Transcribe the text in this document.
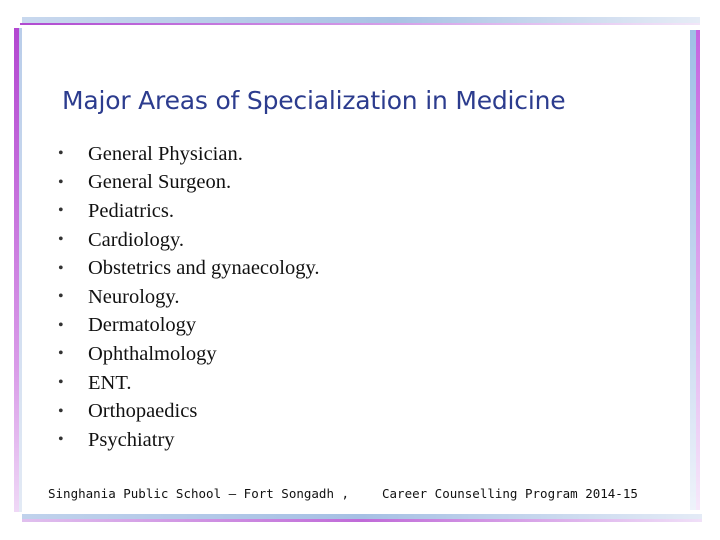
Major Areas of Specialization in Medicine
•	General Physician.
•	General Surgeon.
•	Pediatrics.
•	Cardiology.
•	Obstetrics and gynaecology.
•	Neurology.
•	Dermatology
•	Ophthalmology
•	ENT.
•	Orthopaedics
•	Psychiatry
Singhania Public School – Fort Songadh ,	Career Counselling Program 2014-15
